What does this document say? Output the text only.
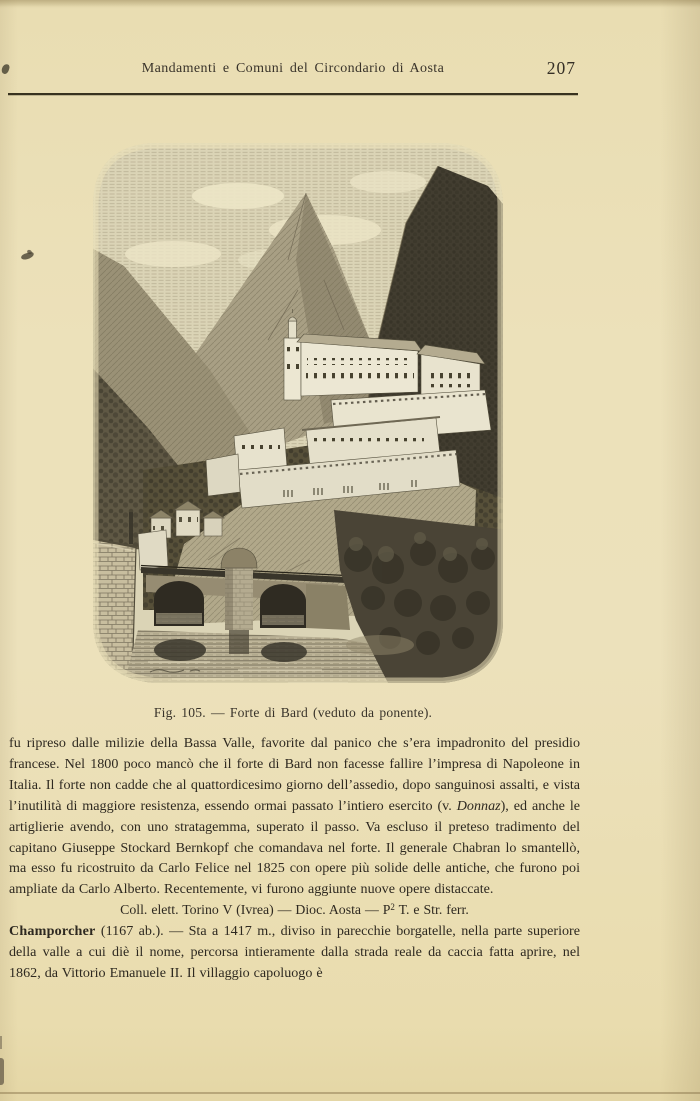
Mandamenti e Comuni del Circondario di Aosta	207
Fig. 105. — Forte di Bard (veduto da ponente).

fu ripreso dalle milizie della Bassa Valle, favorite dal panico che s’era impadronito del presidio francese. Nel 1800 poco mancò che il forte di Bard non facesse fallire l’impresa di Napoleone in Italia. Il forte non cadde che al quattordicesimo giorno dell’assedio, dopo sanguinosi assalti, e vista l’inutilità di maggiore resistenza, essendo ormai passato l’intiero esercito (v. Donnaz), ed anche le artiglierie avendo, con uno stratagemma, superato il passo. Va escluso il preteso tradimento del capitano Giuseppe Stockard Bernkopf che comandava nel forte. Il generale Chabran lo smantellò, ma esso fu ricostruito da Carlo Felice nel 1825 con opere più solide delle antiche, che furono poi ampliate da Carlo Alberto. Recentemente, vi furono aggiunte nuove opere distaccate.

Coll. elett. Torino V (Ivrea) — Dioc. Aosta — $P^2$ T. e Str. ferr.

Champorcher (1167 ab.). — Sta a 1417 m., diviso in parecchie borgatelle, nella parte superiore della valle a cui diè il nome, percorsa intieramente dalla strada reale da caccia fatta aprire, nel 1862, da Vittorio Emanuele II. Il villaggio capoluogo è
